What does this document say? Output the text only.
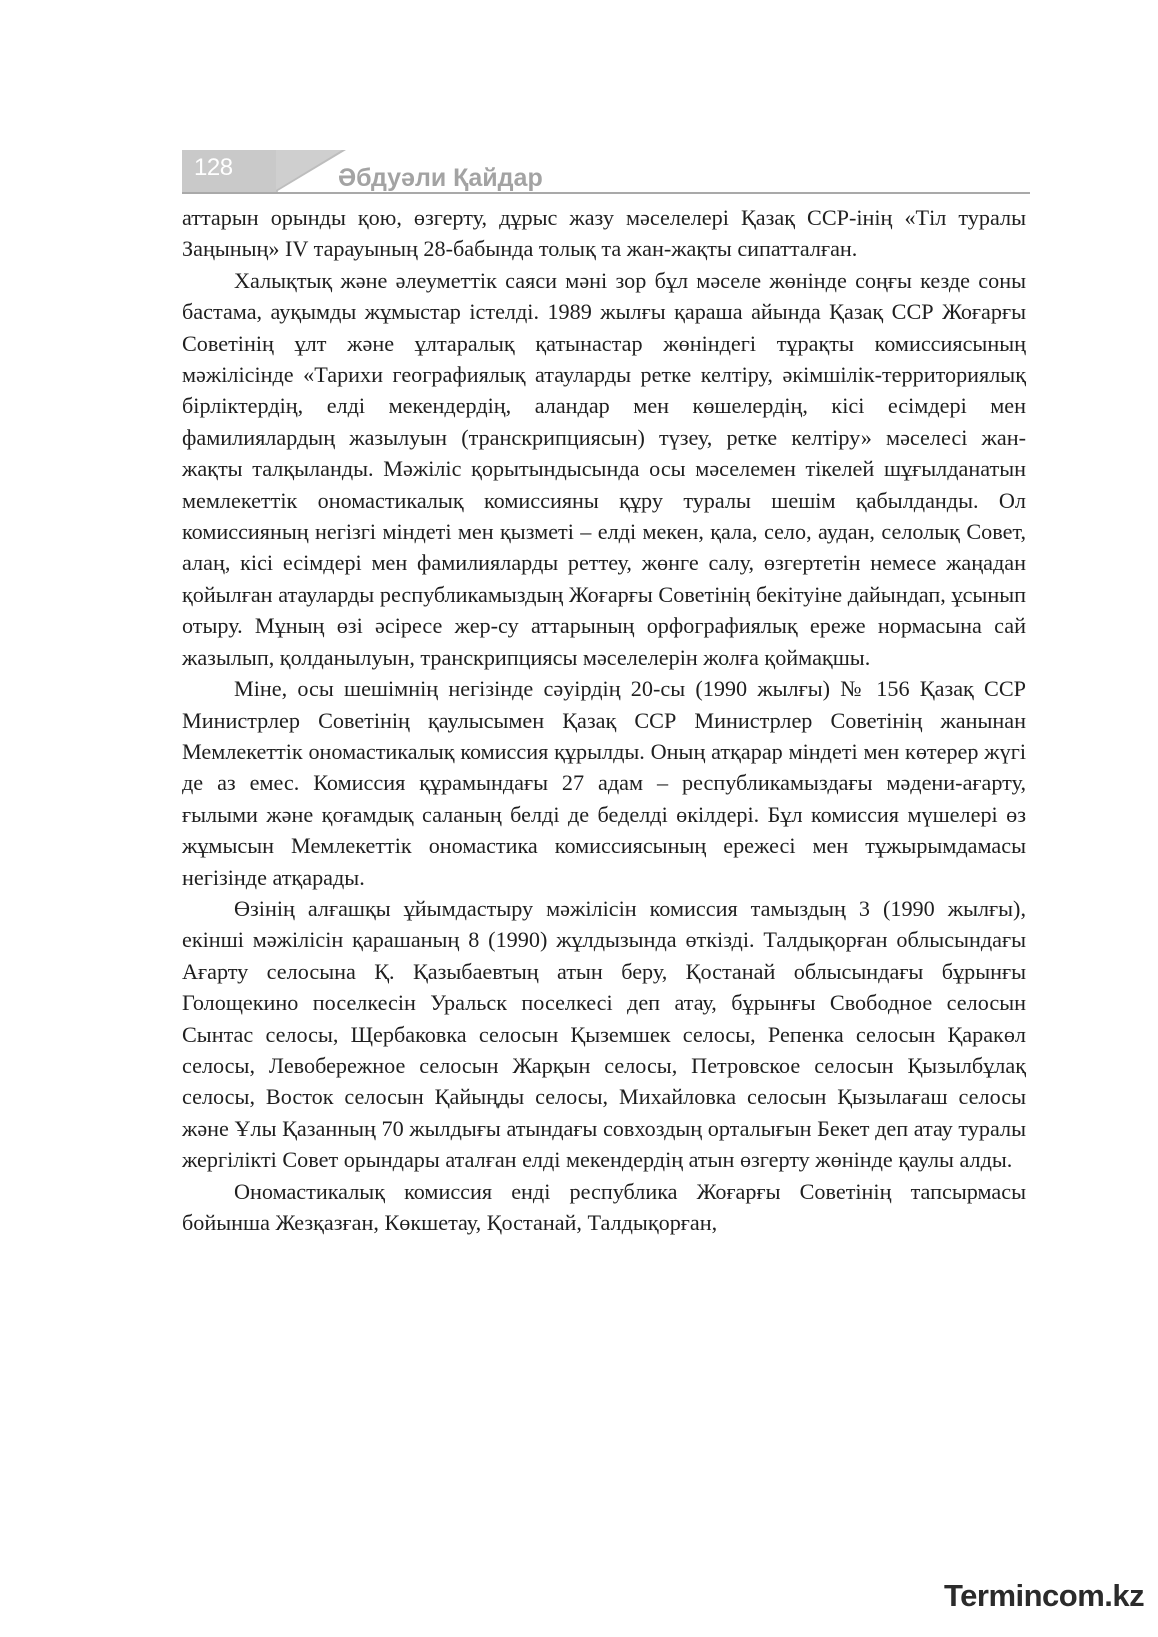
128	Әбдуәли Қайдар

аттарын орынды қою, өзгерту, дұрыс жазу мәселелері Қазақ ССР-інің «Тіл туралы Заңының» IV тарауының 28-бабында толық та жан-жақты сипатталған.

Халықтық және әлеуметтік саяси мәні зор бұл мәселе жөнінде соңғы кезде соны бастама, ауқымды жұмыстар істелді. 1989 жылғы қараша айында Қазақ ССР Жоғарғы Советінің ұлт және ұлтаралық қатынастар жөніндегі тұрақты комиссиясының мәжілісінде «Тарихи географиялық атауларды ретке келтіру, әкімшілік-территориялық бірліктердің, елді мекендердің, аландар мен көшелердің, кісі есімдері мен фамилиялардың жазылуын (транскрипциясын) түзеу, ретке келтіру» мәселесі жан-жақты талқыланды. Мәжіліс қорытындысында осы мәселемен тікелей шұғылданатын мемлекеттік ономастикалық комиссияны құру туралы шешім қабылданды. Ол комиссияның негізгі міндеті мен қызметі – елді мекен, қала, село, аудан, селолық Совет, алаң, кісі есімдері мен фамилияларды реттеу, жөнге салу, өзгертетін немесе жаңадан қойылған атауларды республикамыздың Жоғарғы Советінің бекітуіне дайындап, ұсынып отыру. Мұның өзі әсіресе жер-су аттарының орфографиялық ереже нормасына сай жазылып, қолданылуын, транскрипциясы мәселелерін жолға қоймақшы.

Міне, осы шешімнің негізінде сәуірдің 20-сы (1990 жылғы) № 156 Қазақ ССР Министрлер Советінің қаулысымен Қазақ ССР Министрлер Советінің жанынан Мемлекеттік ономастикалық комиссия құрылды. Оның атқарар міндеті мен көтерер жүгі де аз емес. Комиссия құрамындағы 27 адам – республикамыздағы мәдени-ағарту, ғылыми және қоғамдық саланың белді де беделді өкілдері. Бұл комиссия мүшелері өз жұмысын Мемлекеттік ономастика комиссиясының ережесі мен тұжырымдамасы негізінде атқарады.

Өзінің алғашқы ұйымдастыру мәжілісін комиссия тамыздың 3 (1990 жылғы), екінші мәжілісін қарашаның 8 (1990) жұлдызында өткізді. Талдықорған облысындағы Ағарту селосына Қ. Қазыбаевтың атын беру, Қостанай облысындағы бұрынғы Голощекино поселкесін Уральск поселкесі деп атау, бұрынғы Свободное селосын Сынтас селосы, Щербаковка селосын Қыземшек селосы, Репенка селосын Қаракөл селосы, Левобережное селосын Жарқын селосы, Петровское селосын Қызылбұлақ селосы, Восток селосын Қайыңды селосы, Михайловка селосын Қызылағаш селосы және Ұлы Қазанның 70 жылдығы атындағы совхоздың орталығын Бекет деп атау туралы жергілікті Совет орындары аталған елді мекендердің атын өзгерту жөнінде қаулы алды.

Ономастикалық комиссия енді республика Жоғарғы Советінің тапсырмасы бойынша Жезқазған, Көкшетау, Қостанай, Талдықорған,

Termincom.kz
